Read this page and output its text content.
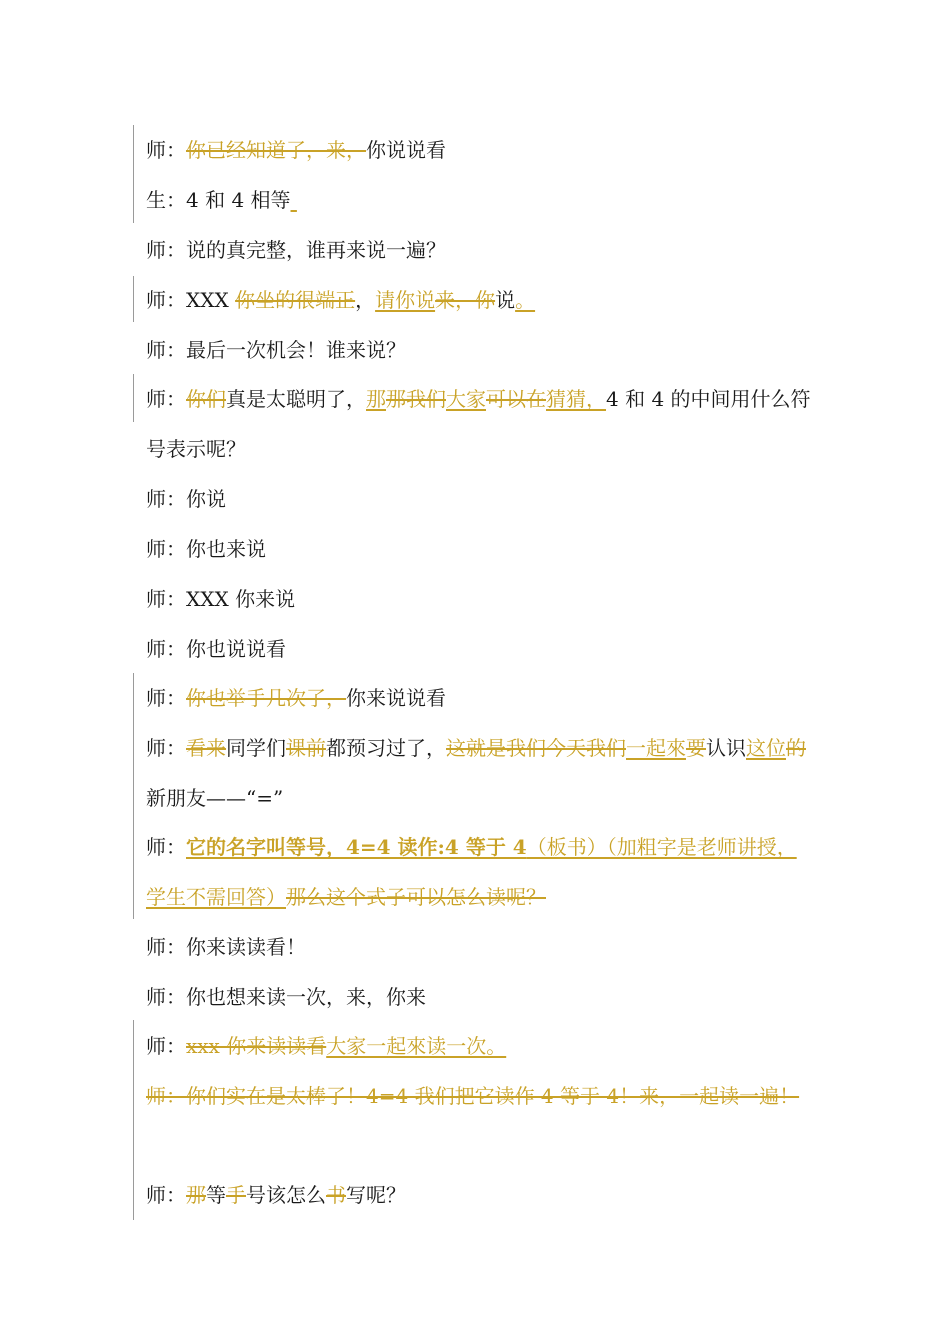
师：你已经知道了，来，你说说看
生：4 和 4 相等
师：说的真完整，谁再来说一遍？
师：XXX 你坐的很端正，请你说来，你说。
师：最后一次机会！谁来说？
师：你们真是太聪明了，那那我们大家可以在猜猜，4 和 4 的中间用什么符号表示呢？
师：你说
师：你也来说
师：XXX 你来说
师：你也说说看
师：你也举手几次了，你来说说看
师：看来同学们课前都预习过了，这就是我们今天我们一起來要认识这位的新朋友——“=”
师：它的名字叫等号，4=4 读作:4 等于 4（板书）（加粗字是老师讲授，学生不需回答）那么这个式子可以怎么读呢？
师：你来读读看！
师：你也想来读一次，来，你来
师：xxx 你来读读看大家一起來读一次。
师：你们实在是太棒了！4=4 我们把它读作 4 等于 4！来，一起读一遍！
师：那等手号该怎么书写呢？
